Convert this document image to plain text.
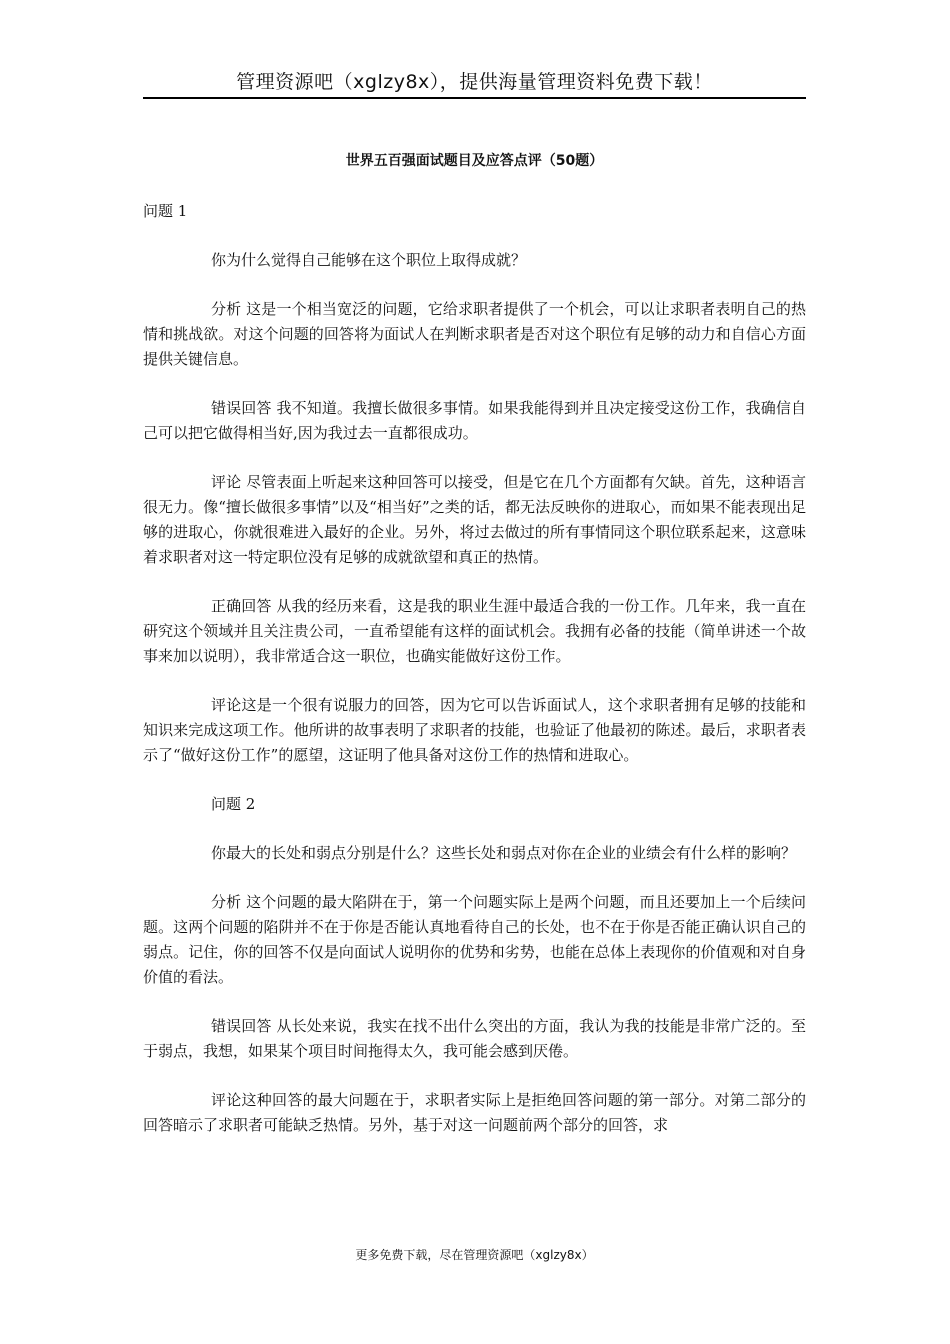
管理资源吧（xglzy8x），提供海量管理资料免费下载！
世界五百强面试题目及应答点评（50题）

问题 1

你为什么觉得自己能够在这个职位上取得成就？

分析 这是一个相当宽泛的问题，它给求职者提供了一个机会，可以让求职者表明自己的热情和挑战欲。对这个问题的回答将为面试人在判断求职者是否对这个职位有足够的动力和自信心方面提供关键信息。

错误回答 我不知道。我擅长做很多事情。如果我能得到并且决定接受这份工作，我确信自己可以把它做得相当好,因为我过去一直都很成功。

评论 尽管表面上听起来这种回答可以接受，但是它在几个方面都有欠缺。首先，这种语言很无力。像“擅长做很多事情”以及“相当好”之类的话，都无法反映你的进取心，而如果不能表现出足够的进取心，你就很难进入最好的企业。另外，将过去做过的所有事情同这个职位联系起来，这意味着求职者对这一特定职位没有足够的成就欲望和真正的热情。

正确回答 从我的经历来看，这是我的职业生涯中最适合我的一份工作。几年来，我一直在研究这个领域并且关注贵公司，一直希望能有这样的面试机会。我拥有必备的技能（简单讲述一个故事来加以说明），我非常适合这一职位，也确实能做好这份工作。

评论这是一个很有说服力的回答，因为它可以告诉面试人，这个求职者拥有足够的技能和知识来完成这项工作。他所讲的故事表明了求职者的技能，也验证了他最初的陈述。最后，求职者表示了“做好这份工作”的愿望，这证明了他具备对这份工作的热情和进取心。

问题 2

你最大的长处和弱点分别是什么？这些长处和弱点对你在企业的业绩会有什么样的影响？

分析 这个问题的最大陷阱在于，第一个问题实际上是两个问题，而且还要加上一个后续问题。这两个问题的陷阱并不在于你是否能认真地看待自己的长处，也不在于你是否能正确认识自己的弱点。记住，你的回答不仅是向面试人说明你的优势和劣势，也能在总体上表现你的价值观和对自身价值的看法。

错误回答 从长处来说，我实在找不出什么突出的方面，我认为我的技能是非常广泛的。至于弱点，我想，如果某个项目时间拖得太久，我可能会感到厌倦。

评论这种回答的最大问题在于，求职者实际上是拒绝回答问题的第一部分。对第二部分的回答暗示了求职者可能缺乏热情。另外，基于对这一问题前两个部分的回答，求

更多免费下载，尽在管理资源吧（xglzy8x）
